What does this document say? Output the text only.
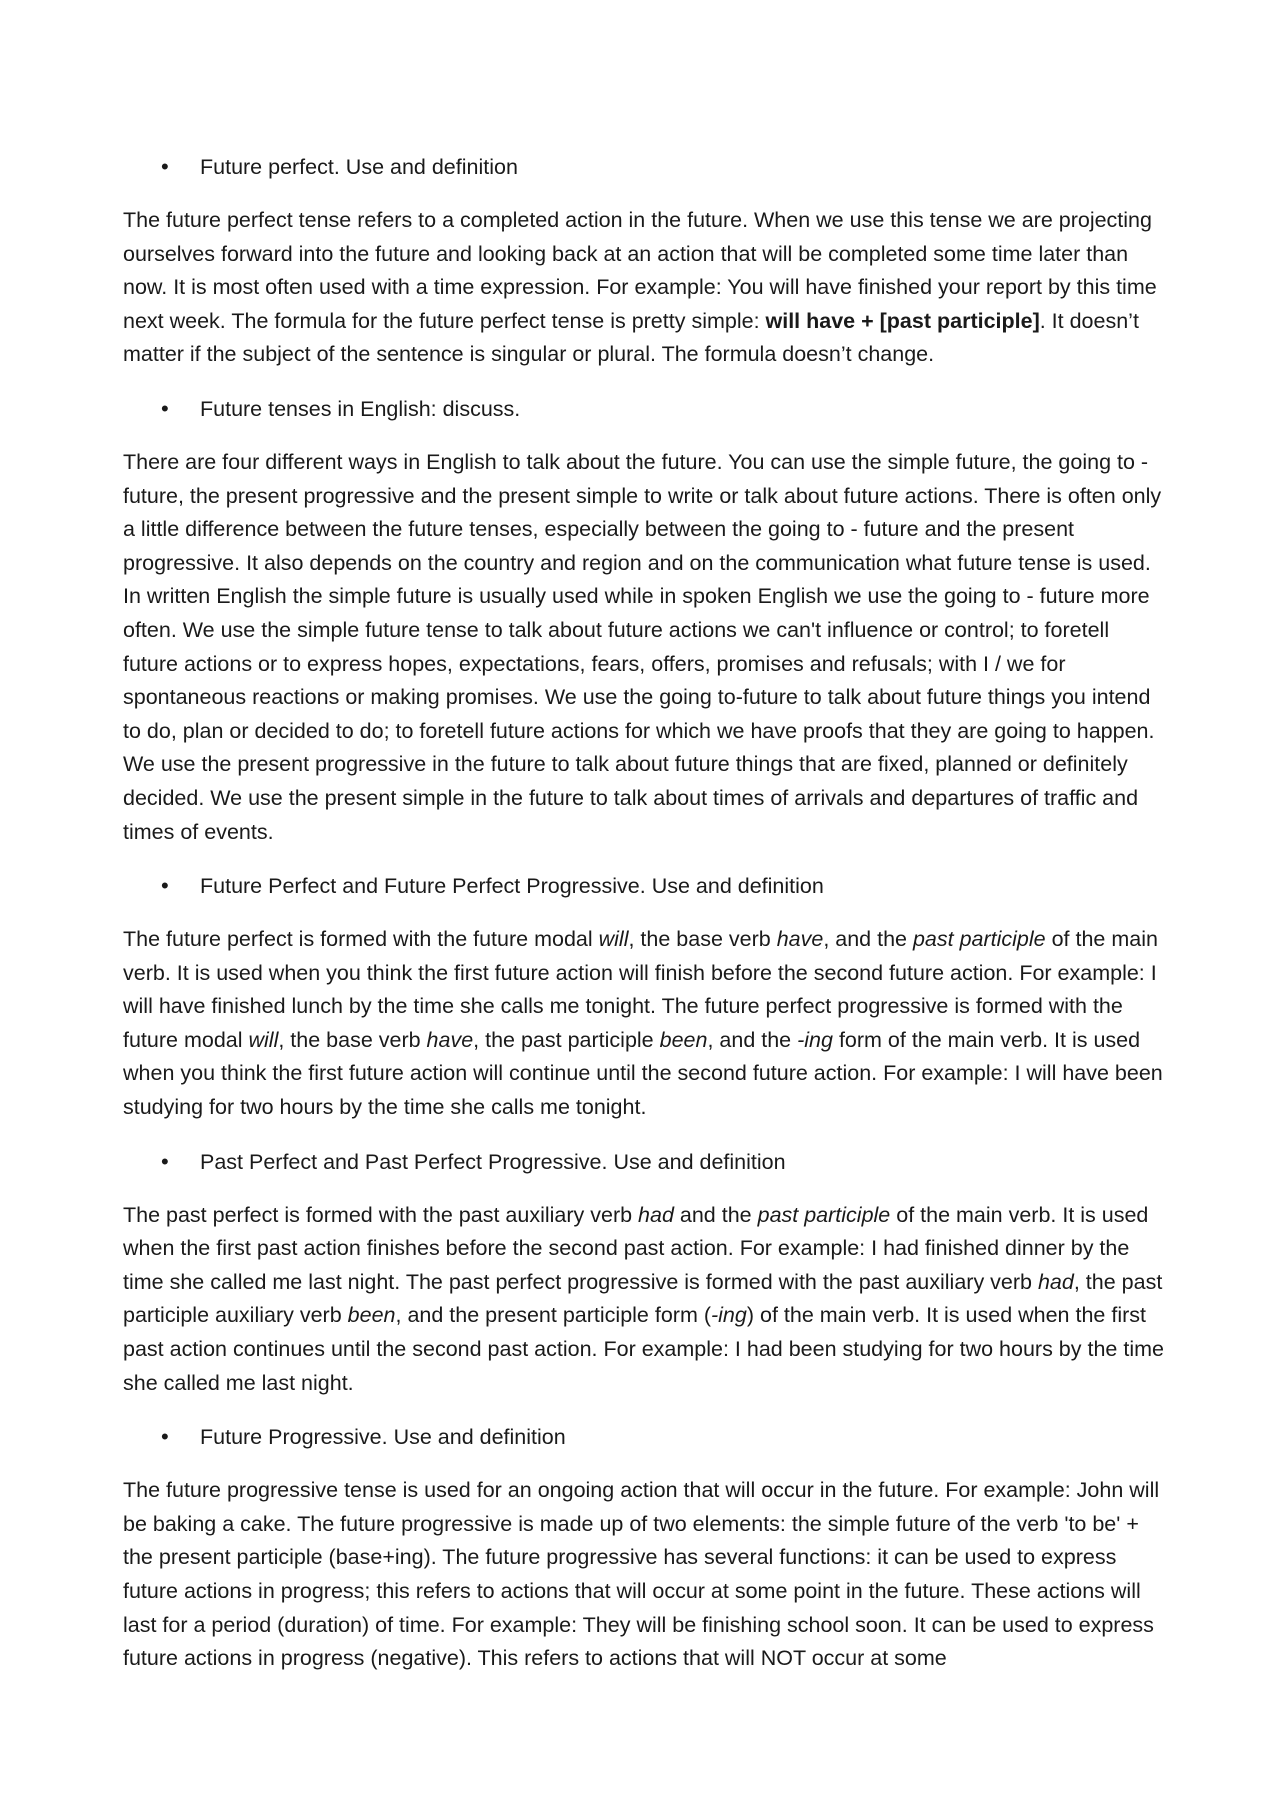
•	Future perfect. Use and definition

The future perfect tense refers to a completed action in the future. When we use this tense we are projecting ourselves forward into the future and looking back at an action that will be completed some time later than now. It is most often used with a time expression. For example: You will have finished your report by this time next week. The formula for the future perfect tense is pretty simple: will have + [past participle]. It doesn’t matter if the subject of the sentence is singular or plural. The formula doesn’t change.

•	Future tenses in English: discuss.

There are four different ways in English to talk about the future. You can use the simple future, the going to - future, the present progressive and the present simple to write or talk about future actions. There is often only a little difference between the future tenses, especially between the going to - future and the present progressive. It also depends on the country and region and on the communication what future tense is used. In written English the simple future is usually used while in spoken English we use the going to - future more often. We use the simple future tense to talk about future actions we can't influence or control; to foretell future actions or to express hopes, expectations, fears, offers, promises and refusals; with I / we for spontaneous reactions or making promises. We use the going to-future to talk about future things you intend to do, plan or decided to do; to foretell future actions for which we have proofs that they are going to happen. We use the present progressive in the future to talk about future things that are fixed, planned or definitely decided. We use the present simple in the future to talk about times of arrivals and departures of traffic and times of events.

•	Future Perfect and Future Perfect Progressive. Use and definition

The future perfect is formed with the future modal will, the base verb have, and the past participle of the main verb. It is used when you think the first future action will finish before the second future action. For example: I will have finished lunch by the time she calls me tonight. The future perfect progressive is formed with the future modal will, the base verb have, the past participle been, and the -ing form of the main verb. It is used when you think the first future action will continue until the second future action. For example: I will have been studying for two hours by the time she calls me tonight.

•	Past Perfect and Past Perfect Progressive. Use and definition

The past perfect is formed with the past auxiliary verb had and the past participle of the main verb. It is used when the first past action finishes before the second past action. For example: I had finished dinner by the time she called me last night. The past perfect progressive is formed with the past auxiliary verb had, the past participle auxiliary verb been, and the present participle form (-ing) of the main verb. It is used when the first past action continues until the second past action. For example: I had been studying for two hours by the time she called me last night.

•	Future Progressive. Use and definition

The future progressive tense is used for an ongoing action that will occur in the future. For example: John will be baking a cake. The future progressive is made up of two elements: the simple future of the verb 'to be' + the present participle (base+ing). The future progressive has several functions: it can be used to express future actions in progress; this refers to actions that will occur at some point in the future. These actions will last for a period (duration) of time. For example: They will be finishing school soon. It can be used to express future actions in progress (negative). This refers to actions that will NOT occur at some
